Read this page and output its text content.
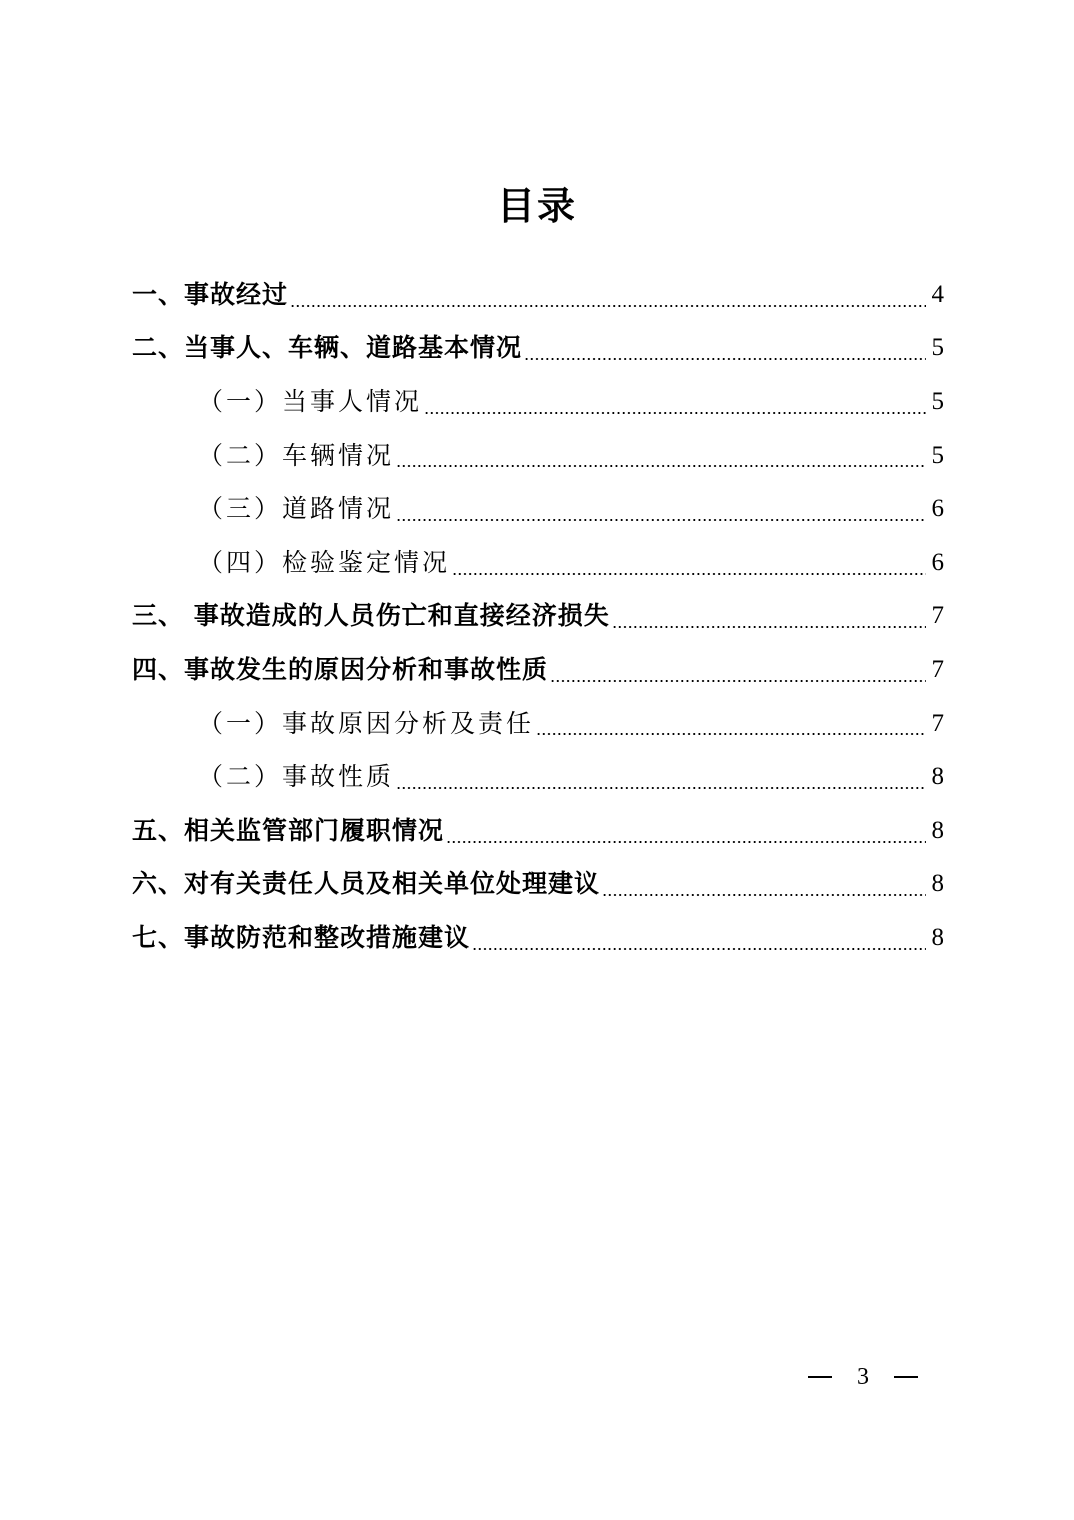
目录
一、事故经过	4
二、当事人、车辆、道路基本情况	5
（一）当事人情况	5
（二）车辆情况	5
（三）道路情况	6
（四）检验鉴定情况	6
三、 事故造成的人员伤亡和直接经济损失	7
四、事故发生的原因分析和事故性质	7
（一）事故原因分析及责任	7
（二）事故性质	8
五、相关监管部门履职情况	8
六、对有关责任人员及相关单位处理建议	8
七、事故防范和整改措施建议	8
3
